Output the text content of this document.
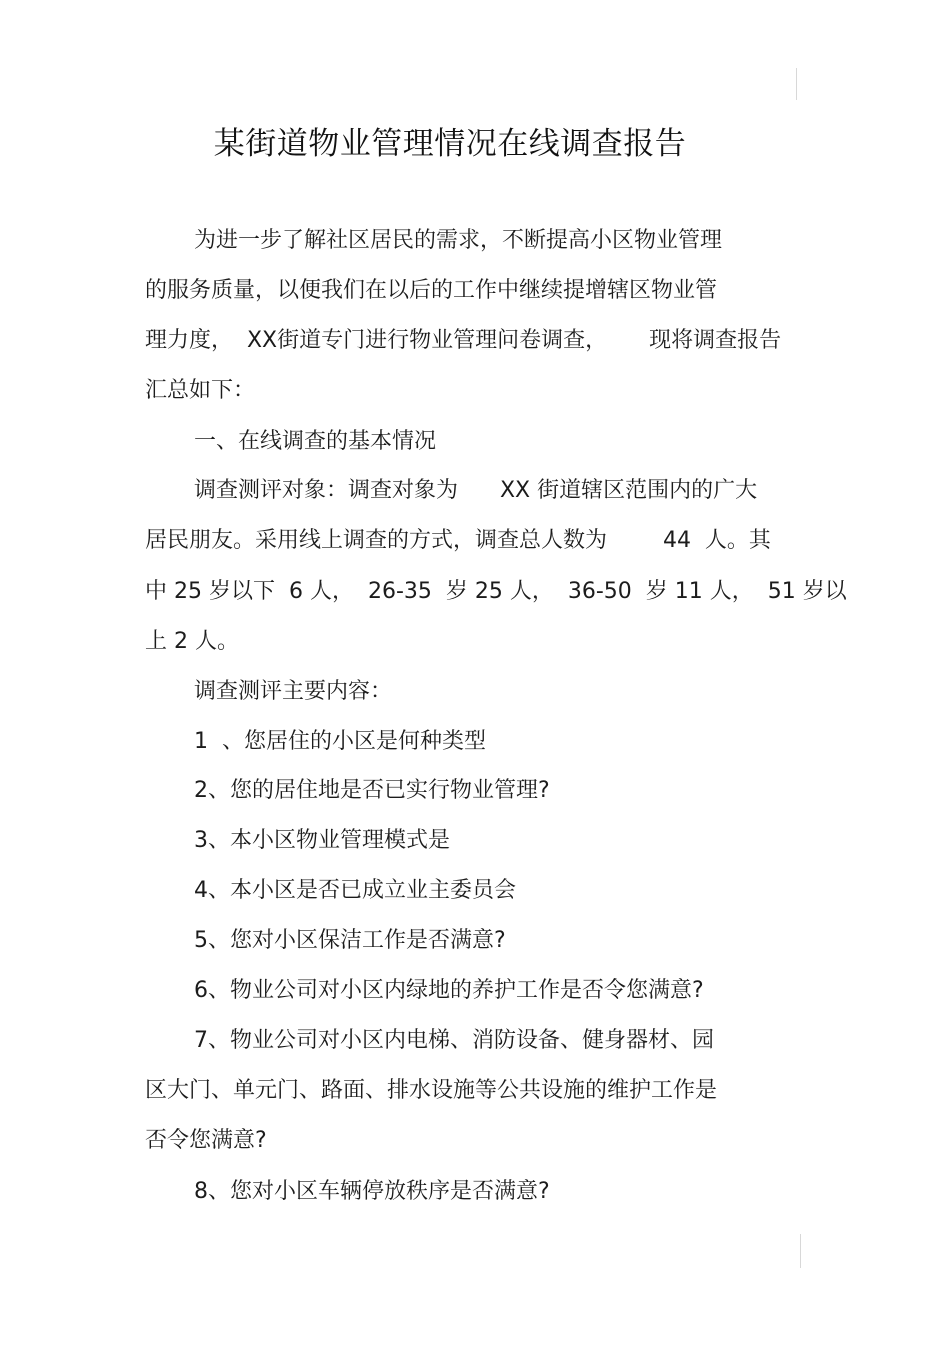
某街道物业管理情况在线调查报告
为进一步了解社区居民的需求，不断提高小区物业管理
的服务质量，以便我们在以后的工作中继续提增辖区物业管
理力度，  XX街道专门进行物业管理问卷调查，      现将调查报告
汇总如下：
一、在线调查的基本情况
调查测评对象：调查对象为      XX 街道辖区范围内的广大
居民朋友。采用线上调查的方式，调查总人数为        44  人。其
中 25 岁以下  6 人，  26-35  岁 25 人，  36-50  岁 11 人，  51 岁以
上 2 人。
调查测评主要内容：
1  、您居住的小区是何种类型
2、您的居住地是否已实行物业管理?
3、本小区物业管理模式是
4、本小区是否已成立业主委员会
5、您对小区保洁工作是否满意?
6、物业公司对小区内绿地的养护工作是否令您满意?
7、物业公司对小区内电梯、消防设备、健身器材、园
区大门、单元门、路面、排水设施等公共设施的维护工作是
否令您满意?
8、您对小区车辆停放秩序是否满意?
